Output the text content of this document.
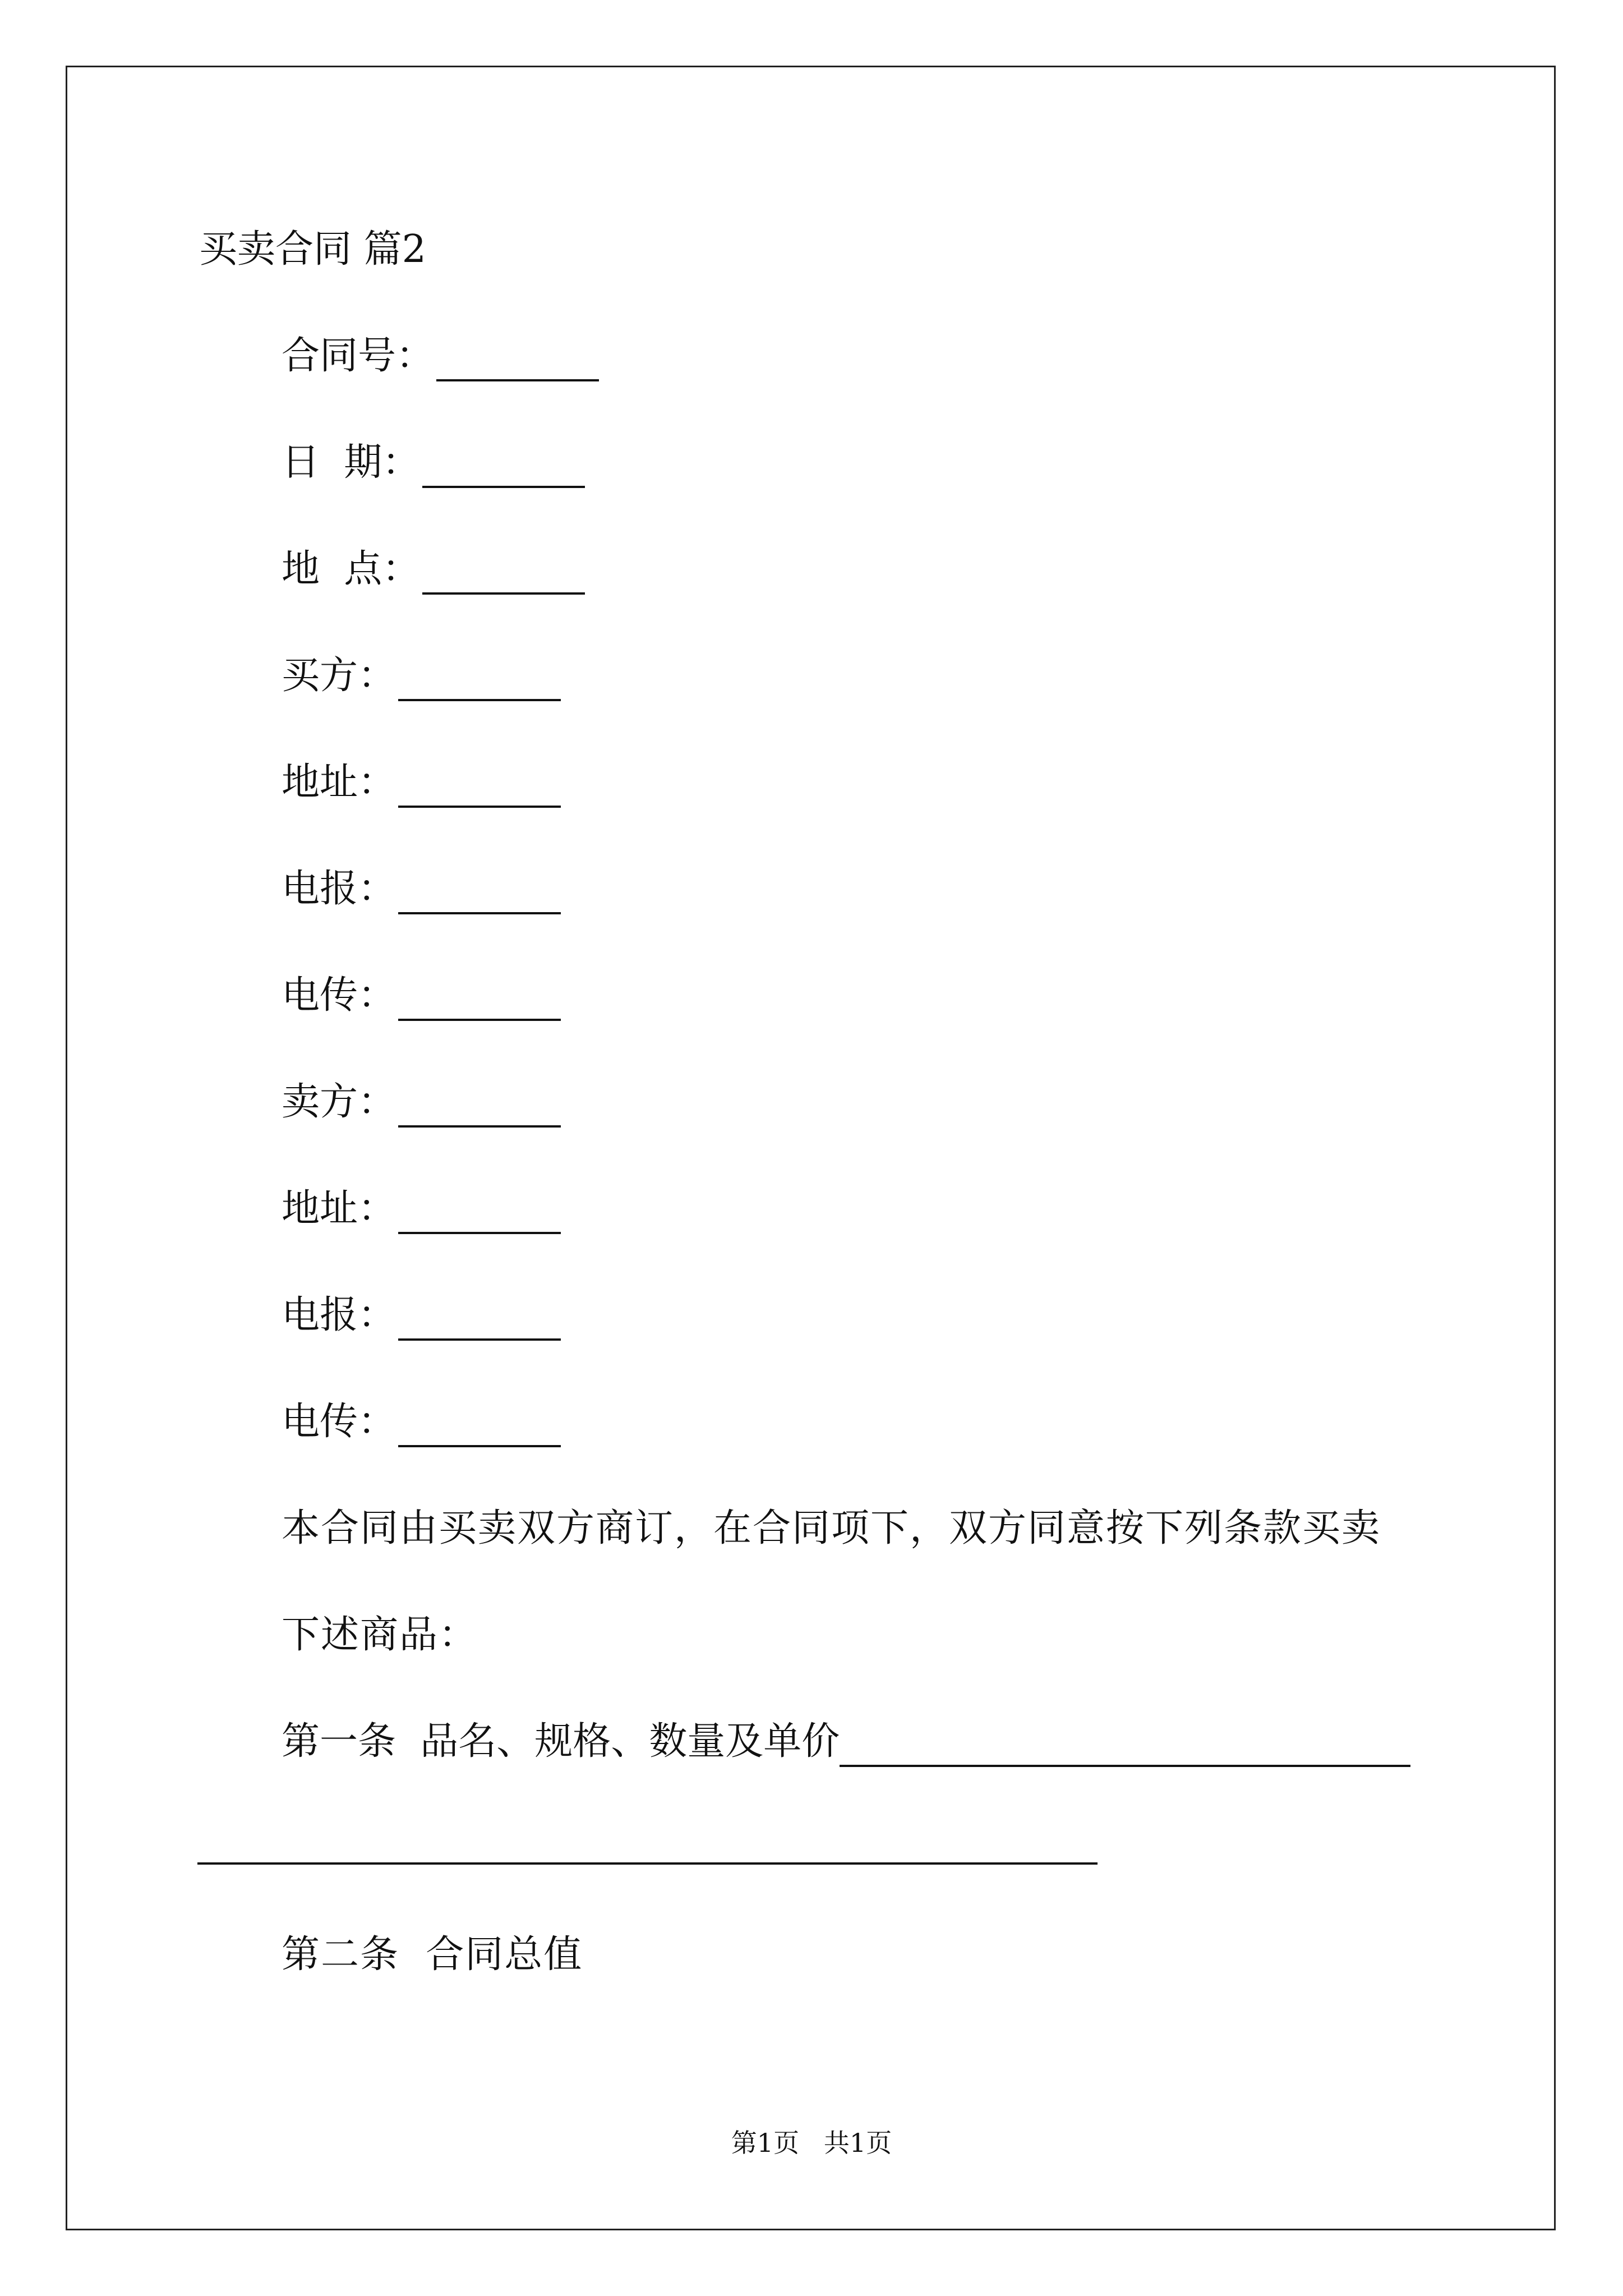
买卖合同 篇2
合同号：
日  期：
地  点：
买方：
地址：
电报：
电传：
卖方：
地址：
电报：
电传：
本合同由买卖双方商订，在合同项下，双方同意按下列条款买卖
下述商品：
第一条  品名、规格、数量及单价
第二条  合同总值
第1页   共1页
